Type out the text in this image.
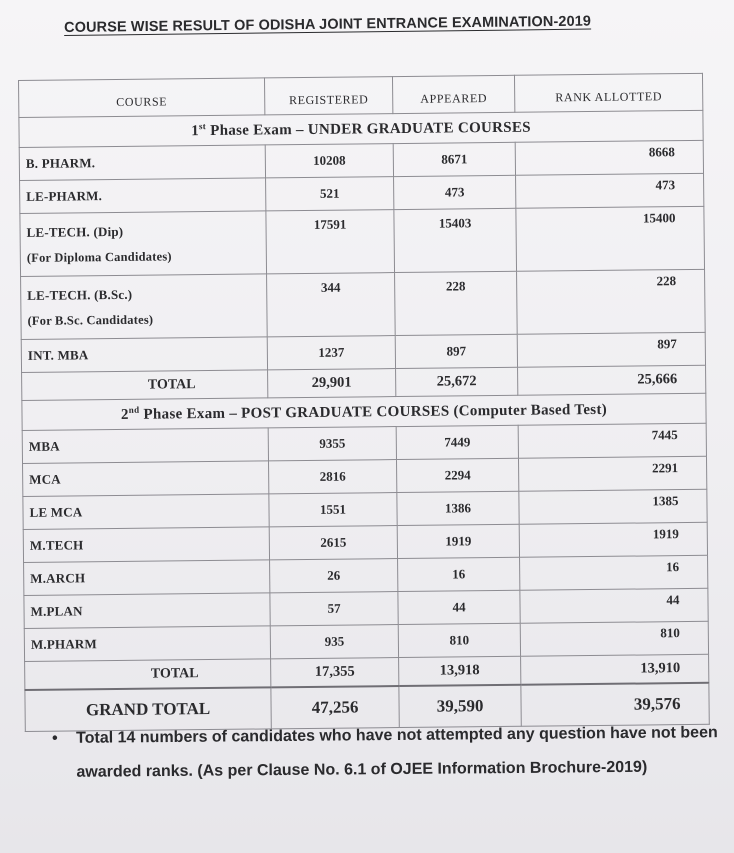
COURSE WISE RESULT OF ODISHA JOINT ENTRANCE EXAMINATION-2019
COURSE	REGISTERED	APPEARED	RANK ALLOTTED
1st Phase Exam – UNDER GRADUATE COURSES			
B. PHARM.	10208	8671	8668
LE-PHARM.	521	473	473
LE-TECH. (Dip)
(For Diploma Candidates)	17591	15403	15400
LE-TECH. (B.Sc.)
(For B.Sc. Candidates)	344	228	228
INT. MBA	1237	897	897
TOTAL	29,901	25,672	25,666
2nd Phase Exam – POST GRADUATE COURSES (Computer Based Test)			
MBA	9355	7449	7445
MCA	2816	2294	2291
LE MCA	1551	1386	1385
M.TECH	2615	1919	1919
M.ARCH	26	16	16
M.PLAN	57	44	44
M.PHARM	935	810	810
TOTAL	17,355	13,918	13,910
GRAND TOTAL	47,256	39,590	39,576
•	Total 14 numbers of candidates who have not attempted any question have not been awarded ranks. (As per Clause No. 6.1 of OJEE Information Brochure-2019)
